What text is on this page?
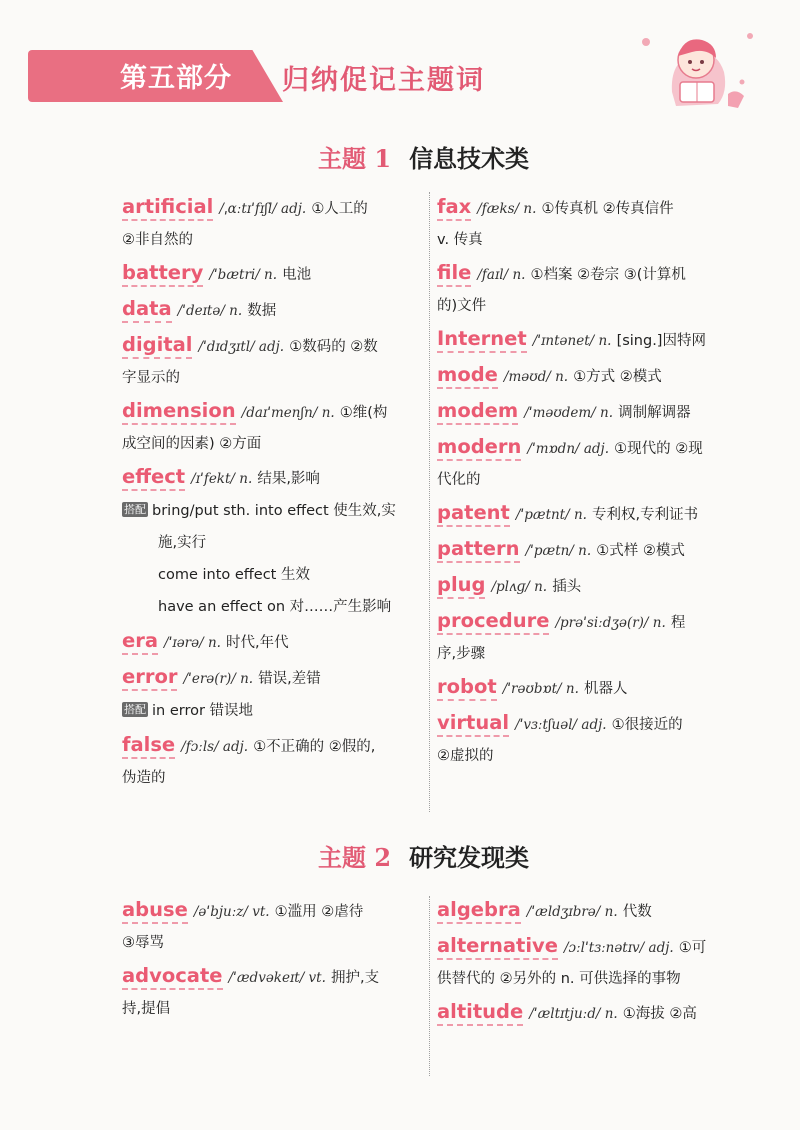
第五部分 归纳促记主题词
主题 1 信息技术类
artificial /ˌɑːtɪˈfɪʃl/ adj. ①人工的
②非自然的
battery /ˈbætri/ n. 电池
data /ˈdeɪtə/ n. 数据
digital /ˈdɪdʒɪtl/ adj. ①数码的 ②数
字显示的
dimension /daɪˈmenʃn/ n. ①维(构
成空间的因素) ②方面
effect /ɪˈfekt/ n. 结果,影响
搭配 bring/put sth. into effect 使生效,实
施,实行
come into effect 生效
have an effect on 对……产生影响
era /ˈɪərə/ n. 时代,年代
error /ˈerə(r)/ n. 错误,差错
搭配 in error 错误地
false /fɔːls/ adj. ①不正确的 ②假的,
伪造的
fax /fæks/ n. ①传真机 ②传真信件
v. 传真
file /faɪl/ n. ①档案 ②卷宗 ③(计算机
的)文件
Internet /ˈɪntənet/ n. [sing.]因特网
mode /məʊd/ n. ①方式 ②模式
modem /ˈməʊdem/ n. 调制解调器
modern /ˈmɒdn/ adj. ①现代的 ②现
代化的
patent /ˈpætnt/ n. 专利权,专利证书
pattern /ˈpætn/ n. ①式样 ②模式
plug /plʌɡ/ n. 插头
procedure /prəˈsiːdʒə(r)/ n. 程
序,步骤
robot /ˈrəʊbɒt/ n. 机器人
virtual /ˈvɜːtʃuəl/ adj. ①很接近的
②虚拟的
主题 2 研究发现类
abuse /əˈbjuːz/ vt. ①滥用 ②虐待
③辱骂
advocate /ˈædvəkeɪt/ vt. 拥护,支
持,提倡
algebra /ˈældʒɪbrə/ n. 代数
alternative /ɔːlˈtɜːnətɪv/ adj. ①可
供替代的 ②另外的 n. 可供选择的事物
altitude /ˈæltɪtjuːd/ n. ①海拔 ②高
